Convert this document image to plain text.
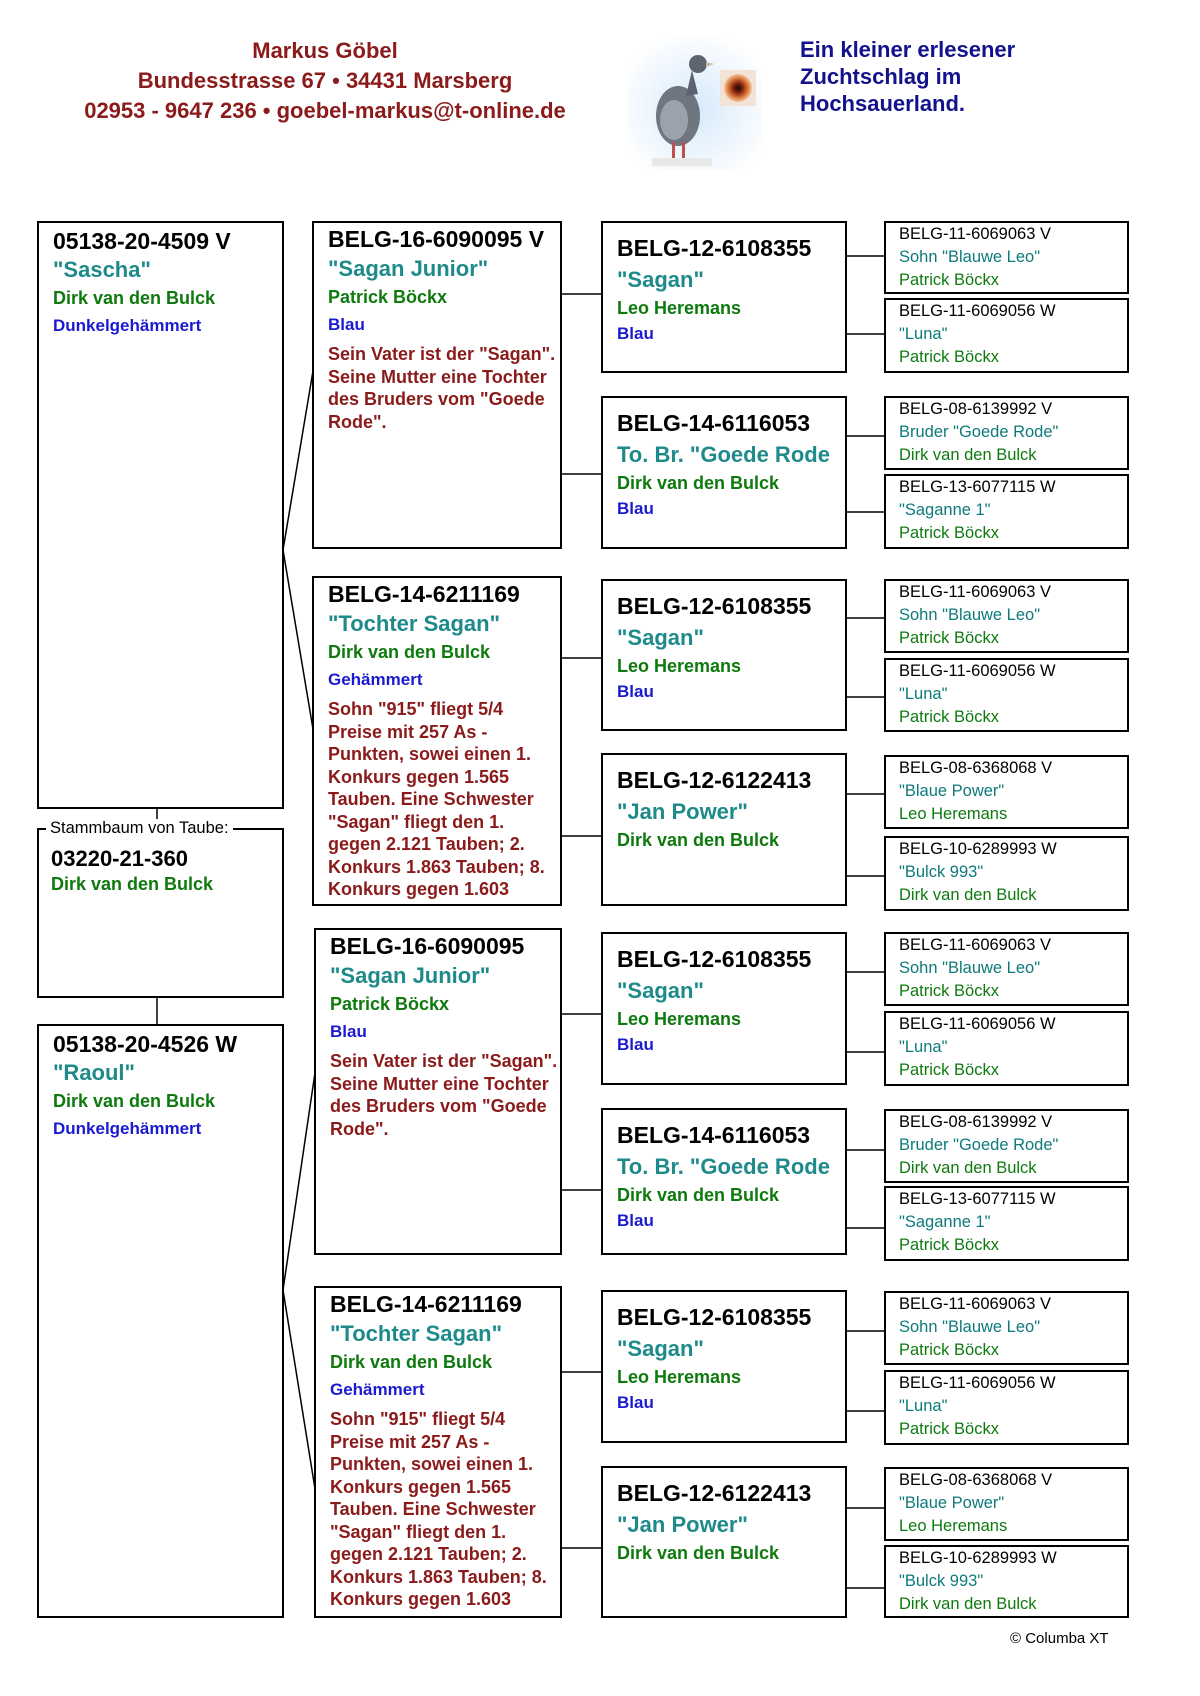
Markus Göbel
Bundesstrasse 67 • 34431 Marsberg
02953 - 9647 236 • goebel-markus@t-online.de
Ein kleiner erlesener
Zuchtschlag im
Hochsauerland.
05138-20-4509 V
"Sascha"
Dirk van den Bulck
Dunkelgehämmert
Stammbaum von Taube:
03220-21-360
Dirk van den Bulck
05138-20-4526 W
"Raoul"
Dirk van den Bulck
Dunkelgehämmert
BELG-16-6090095 V
"Sagan Junior"
Patrick Böckx
Blau
Sein Vater ist der "Sagan". Seine Mutter eine Tochter des Bruders vom "Goede Rode".
BELG-14-6211169
"Tochter Sagan"
Dirk van den Bulck
Gehämmert
Sohn "915" fliegt 5/4 Preise mit 257 As - Punkten, sowei einen 1. Konkurs gegen 1.565 Tauben. Eine Schwester "Sagan" fliegt den 1. gegen 2.121 Tauben; 2. Konkurs 1.863 Tauben; 8. Konkurs gegen 1.603
BELG-16-6090095
"Sagan Junior"
Patrick Böckx
Blau
Sein Vater ist der "Sagan". Seine Mutter eine Tochter des Bruders vom "Goede Rode".
BELG-14-6211169
"Tochter Sagan"
Dirk van den Bulck
Gehämmert
Sohn "915" fliegt 5/4 Preise mit 257 As - Punkten, sowei einen 1. Konkurs gegen 1.565 Tauben. Eine Schwester "Sagan" fliegt den 1. gegen 2.121 Tauben; 2. Konkurs 1.863 Tauben; 8. Konkurs gegen 1.603
BELG-12-6108355
"Sagan"
Leo Heremans
Blau
BELG-14-6116053
To. Br. "Goede Rode
Dirk van den Bulck
Blau
BELG-12-6108355
"Sagan"
Leo Heremans
Blau
BELG-12-6122413
"Jan Power"
Dirk van den Bulck
BELG-12-6108355
"Sagan"
Leo Heremans
Blau
BELG-14-6116053
To. Br. "Goede Rode
Dirk van den Bulck
Blau
BELG-12-6108355
"Sagan"
Leo Heremans
Blau
BELG-12-6122413
"Jan Power"
Dirk van den Bulck
BELG-11-6069063 V
Sohn "Blauwe Leo"
Patrick Böckx
BELG-11-6069056 W
"Luna"
Patrick Böckx
BELG-08-6139992 V
Bruder "Goede Rode"
Dirk van den Bulck
BELG-13-6077115 W
"Saganne 1"
Patrick Böckx
BELG-11-6069063 V
Sohn "Blauwe Leo"
Patrick Böckx
BELG-11-6069056 W
"Luna"
Patrick Böckx
BELG-08-6368068 V
"Blaue Power"
Leo Heremans
BELG-10-6289993 W
"Bulck 993"
Dirk van den Bulck
BELG-11-6069063 V
Sohn "Blauwe Leo"
Patrick Böckx
BELG-11-6069056 W
"Luna"
Patrick Böckx
BELG-08-6139992 V
Bruder "Goede Rode"
Dirk van den Bulck
BELG-13-6077115 W
"Saganne 1"
Patrick Böckx
BELG-11-6069063 V
Sohn "Blauwe Leo"
Patrick Böckx
BELG-11-6069056 W
"Luna"
Patrick Böckx
BELG-08-6368068 V
"Blaue Power"
Leo Heremans
BELG-10-6289993 W
"Bulck 993"
Dirk van den Bulck
© Columba XT
